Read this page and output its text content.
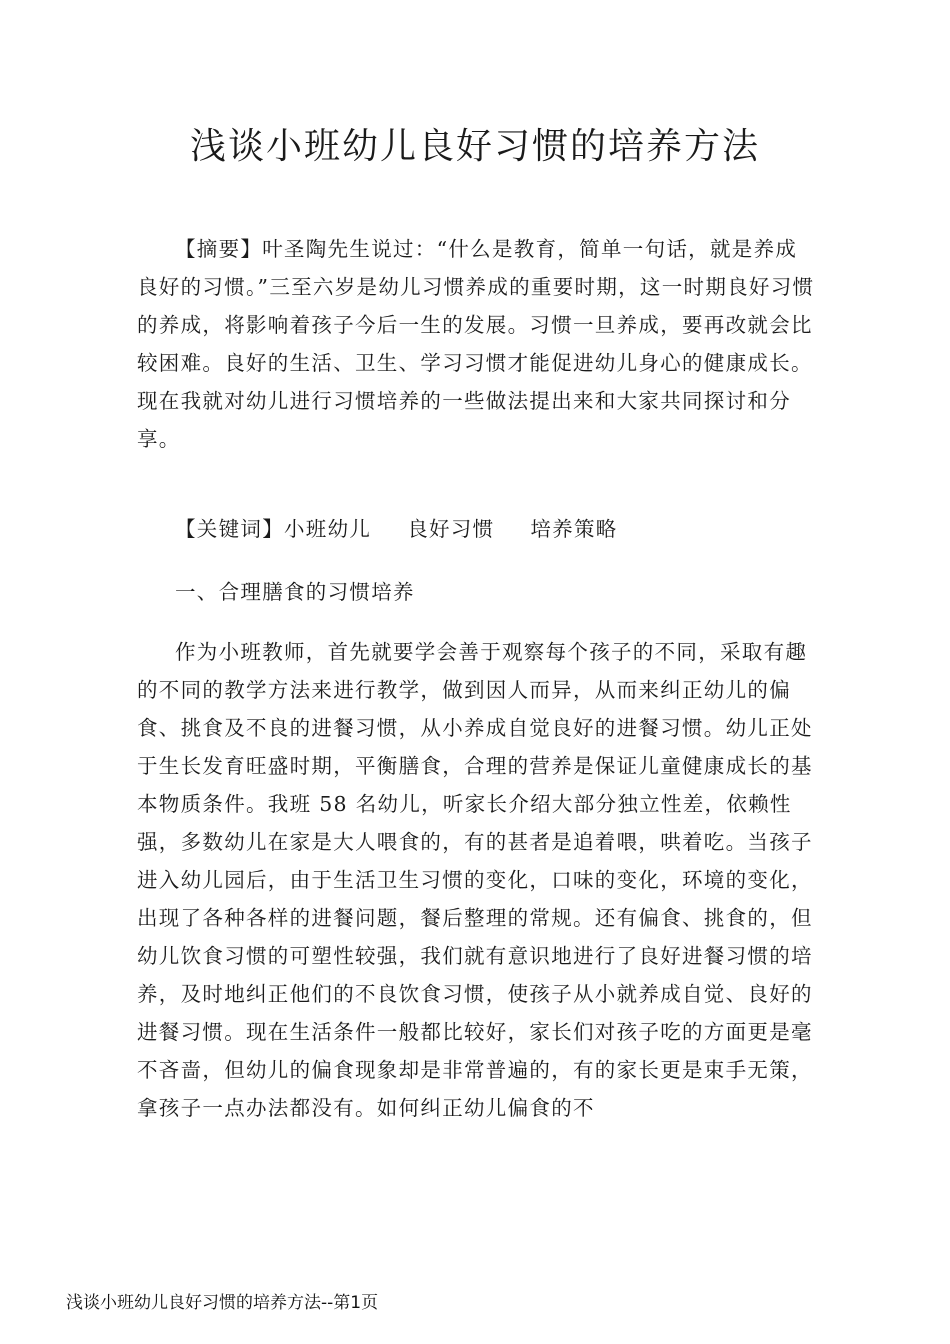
浅谈小班幼儿良好习惯的培养方法

【摘要】叶圣陶先生说过：“什么是教育，简单一句话，就是养成良好的习惯。”三至六岁是幼儿习惯养成的重要时期，这一时期良好习惯的养成，将影响着孩子今后一生的发展。习惯一旦养成，要再改就会比较困难。良好的生活、卫生、学习习惯才能促进幼儿身心的健康成长。现在我就对幼儿进行习惯培养的一些做法提出来和大家共同探讨和分享。

【关键词】小班幼儿 良好习惯 培养策略

一、合理膳食的习惯培养

作为小班教师，首先就要学会善于观察每个孩子的不同，采取有趣的不同的教学方法来进行教学，做到因人而异，从而来纠正幼儿的偏食、挑食及不良的进餐习惯，从小养成自觉良好的进餐习惯。幼儿正处于生长发育旺盛时期，平衡膳食，合理的营养是保证儿童健康成长的基本物质条件。我班 58 名幼儿，听家长介绍大部分独立性差，依赖性强，多数幼儿在家是大人喂食的，有的甚者是追着喂，哄着吃。当孩子进入幼儿园后，由于生活卫生习惯的变化，口味的变化，环境的变化，出现了各种各样的进餐问题，餐后整理的常规。还有偏食、挑食的，但幼儿饮食习惯的可塑性较强，我们就有意识地进行了良好进餐习惯的培养，及时地纠正他们的不良饮食习惯，使孩子从小就养成自觉、良好的进餐习惯。现在生活条件一般都比较好，家长们对孩子吃的方面更是毫不吝啬，但幼儿的偏食现象却是非常普遍的，有的家长更是束手无策，拿孩子一点办法都没有。如何纠正幼儿偏食的不

浅谈小班幼儿良好习惯的培养方法--第1页
